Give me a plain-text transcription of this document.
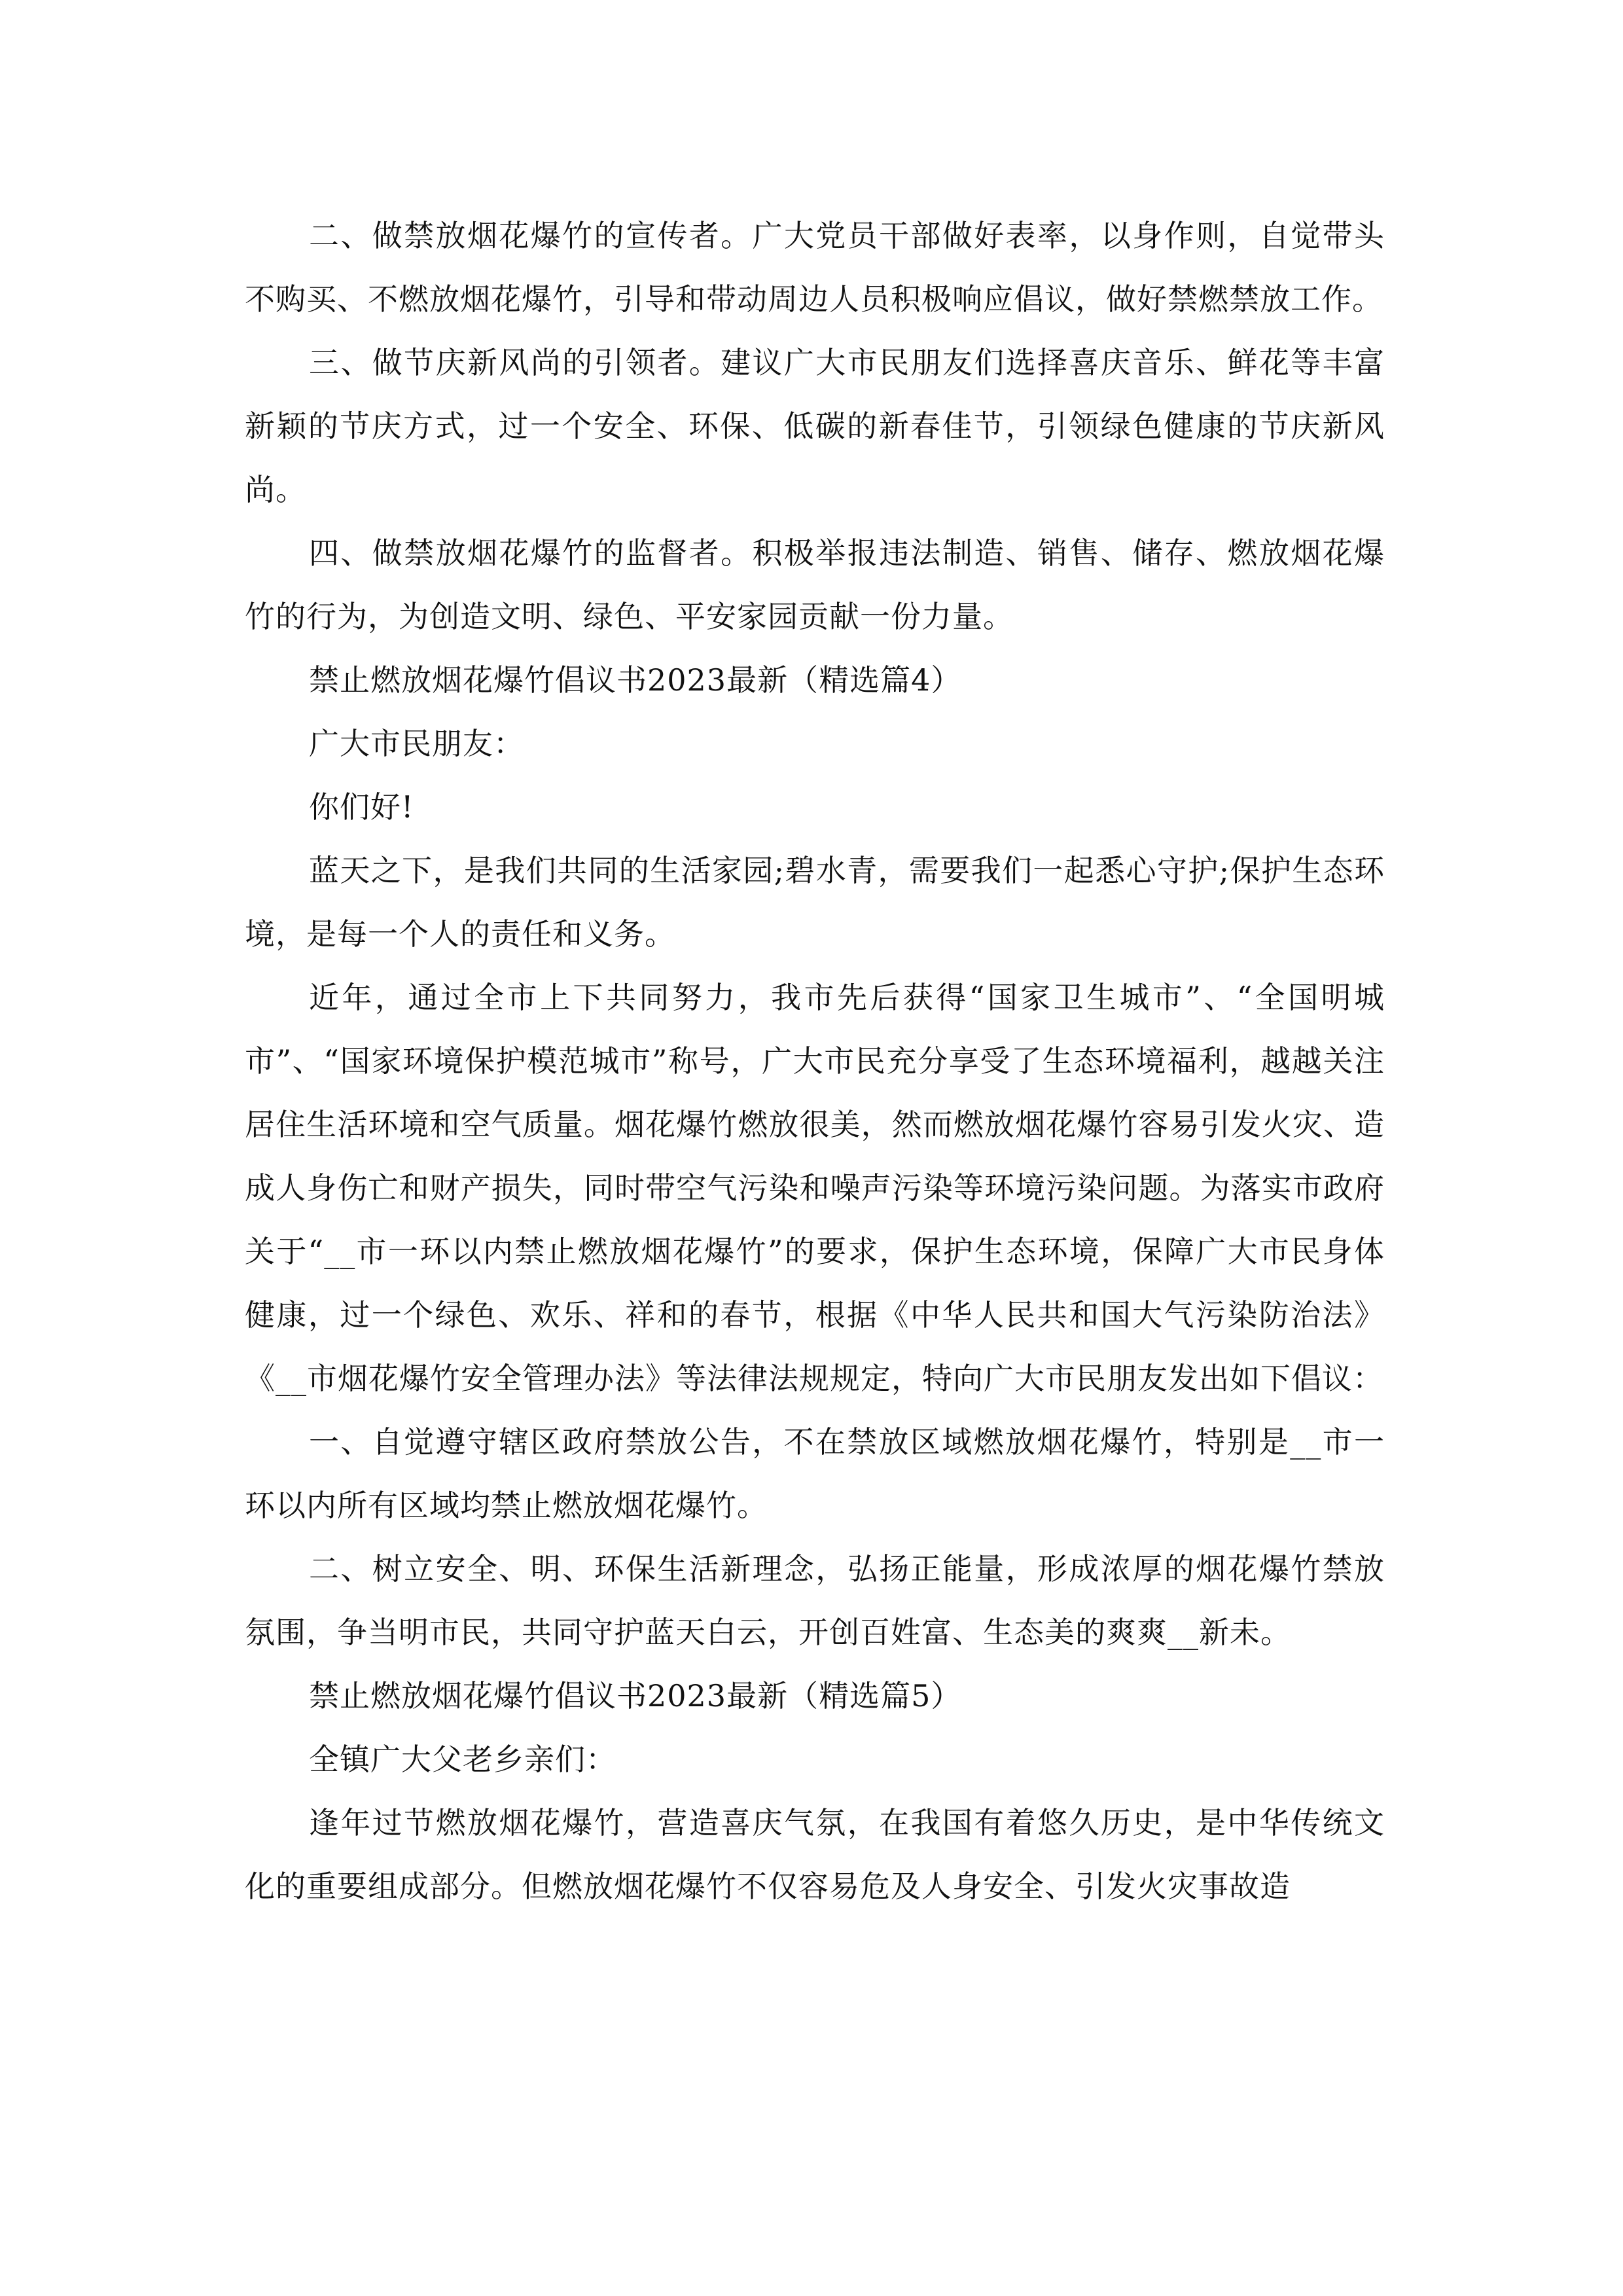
二、做禁放烟花爆竹的宣传者。广大党员干部做好表率，以身作则，自觉带头不购买、不燃放烟花爆竹，引导和带动周边人员积极响应倡议，做好禁燃禁放工作。

三、做节庆新风尚的引领者。建议广大市民朋友们选择喜庆音乐、鲜花等丰富新颖的节庆方式，过一个安全、环保、低碳的新春佳节，引领绿色健康的节庆新风尚。

四、做禁放烟花爆竹的监督者。积极举报违法制造、销售、储存、燃放烟花爆竹的行为，为创造文明、绿色、平安家园贡献一份力量。

禁止燃放烟花爆竹倡议书2023最新（精选篇4）

广大市民朋友：

你们好!

蓝天之下，是我们共同的生活家园;碧水青，需要我们一起悉心守护;保护生态环境，是每一个人的责任和义务。

近年，通过全市上下共同努力，我市先后获得“国家卫生城市”、“全国明城市”、“国家环境保护模范城市”称号，广大市民充分享受了生态环境福利，越越关注居住生活环境和空气质量。烟花爆竹燃放很美，然而燃放烟花爆竹容易引发火灾、造成人身伤亡和财产损失，同时带空气污染和噪声污染等环境污染问题。为落实市政府关于“__市一环以内禁止燃放烟花爆竹”的要求，保护生态环境，保障广大市民身体健康，过一个绿色、欢乐、祥和的春节，根据《中华人民共和国大气污染防治法》《__市烟花爆竹安全管理办法》等法律法规规定，特向广大市民朋友发出如下倡议：

一、自觉遵守辖区政府禁放公告，不在禁放区域燃放烟花爆竹，特别是__市一环以内所有区域均禁止燃放烟花爆竹。

二、树立安全、明、环保生活新理念，弘扬正能量，形成浓厚的烟花爆竹禁放氛围，争当明市民，共同守护蓝天白云，开创百姓富、生态美的爽爽__新未。

禁止燃放烟花爆竹倡议书2023最新（精选篇5）

全镇广大父老乡亲们：

逢年过节燃放烟花爆竹，营造喜庆气氛，在我国有着悠久历史，是中华传统文化的重要组成部分。但燃放烟花爆竹不仅容易危及人身安全、引发火灾事故造
